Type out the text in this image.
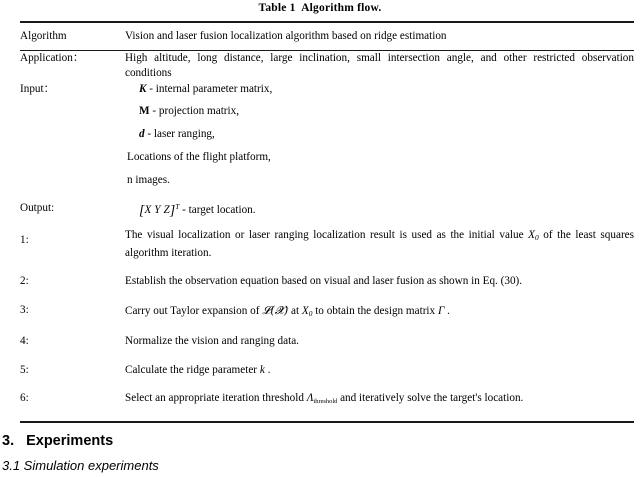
Table 1  Algorithm flow.
Algorithm	Vision and laser fusion localization algorithm based on ridge estimation
Application：	High altitude, long distance, large inclination, small intersection angle, and other restricted observation conditions
Input：	K - internal parameter matrix,
M - projection matrix,
d - laser ranging,
Locations of the flight platform,
n images.

Output:	[XYZ]$^T$ - target location.
1:	The visual localization or laser ranging localization result is used as the initial value $X_0$ of the least squares algorithm iteration.
2:	Establish the observation equation based on visual and laser fusion as shown in Eq. (30).
3:	Carry out Taylor expansion of 𝓛(𝓧) at $X_0$ to obtain the design matrix Γ .
4:	Normalize the vision and ranging data.
5:	Calculate the ridge parameter k .
6:	Select an appropriate iteration threshold Λthreshold and iteratively solve the target's location.
3. Experiments
3.1 Simulation experiments
